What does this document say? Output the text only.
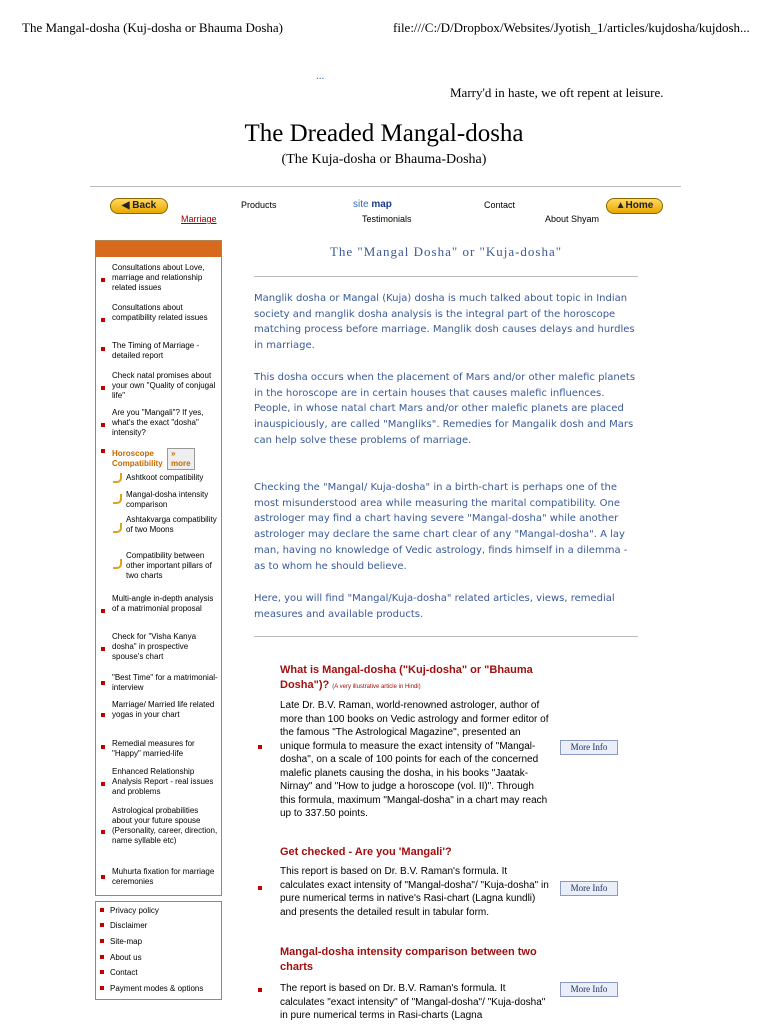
The Mangal-dosha (Kuj-dosha or Bhauma Dosha)	file:///C:/D/Dropbox/Websites/Jyotish_1/articles/kujdosha/kujdosh...
...
Marry'd in haste, we oft repent at leisure.
The Dreaded Mangal-dosha
(The Kuja-dosha or Bhauma-Dosha)
◀ Back	▲Home
Marriage
Products	site map
Testimonials
Contact
About Shyam
Consultations about Love, marriage and relationship related issues
Consultations about compatibility related issues
The Timing of Marriage - detailed report
Check natal promises about your own "Quality of conjugal life"
Are you "Mangali"? If yes, what's the exact "dosha" intensity?
Horoscope Compatibility
» more
Ashtkoot compatibility
Mangal-dosha intensity comparison
Ashtakvarga compatibility of two Moons
Compatibility between other important pillars of two charts
Multi-angle in-depth analysis of a matrimonial proposal
Check for "Visha Kanya dosha" in prospective spouse's chart
"Best Time" for a matrimonial-interview
Marriage/ Married life related yogas in your chart
Remedial measures for "Happy" married-life
Enhanced Relationship Analysis Report - real issues and problems
Astrological probabilities about your future spouse (Personality, career, direction, name syllable etc)
Muhurta fixation for marriage ceremonies
Privacy policy
Disclaimer
Site-map
About us
Contact
Payment modes & options
The "Mangal Dosha" or "Kuja-dosha"
Manglik dosha or Mangal (Kuja) dosha is much talked about topic in Indian society and manglik dosha analysis is the integral part of the horoscope matching process before marriage. Manglik dosh causes delays and hurdles in marriage.
This dosha occurs when the placement of Mars and/or other malefic planets in the horoscope are in certain houses that causes malefic influences. People, in whose natal chart Mars and/or other malefic planets are placed inauspiciously, are called "Mangliks". Remedies for Mangalik dosh and Mars can help solve these problems of marriage.
Checking the "Mangal/ Kuja-dosha" in a birth-chart is perhaps one of the most misunderstood area while measuring the marital compatibility. One astrologer may find a chart having severe "Mangal-dosha" while another astrologer may declare the same chart clear of any "Mangal-dosha". A lay man, having no knowledge of Vedic astrology, finds himself in a dilemma - as to whom he should believe.
Here, you will find "Mangal/Kuja-dosha" related articles, views, remedial measures and available products.
What is Mangal-dosha ("Kuj-dosha" or "Bhauma Dosha")? (A very illustrative article in Hindi)
Late Dr. B.V. Raman, world-renowned astrologer, author of more than 100 books on Vedic astrology and former editor of the famous "The Astrological Magazine", presented an unique formula to measure the exact intensity of "Mangal-dosha", on a scale of 100 points for each of the concerned malefic planets causing the dosha, in his books "Jaatak-Nirnay" and "How to judge a horoscope (vol. II)". Through this formula, maximum "Mangal-dosha" in a chart may reach up to 337.50 points.
More Info
Get checked - Are you 'Mangali'?
This report is based on Dr. B.V. Raman's formula. It calculates exact intensity of "Mangal-dosha"/ "Kuja-dosha" in pure numerical terms in native's Rasi-chart (Lagna kundli) and presents the detailed result in tabular form.
More Info
Mangal-dosha intensity comparison between two charts
The report is based on Dr. B.V. Raman's formula. It calculates "exact intensity" of "Mangal-dosha"/ "Kuja-dosha" in pure numerical terms in Rasi-charts (Lagna
More Info
